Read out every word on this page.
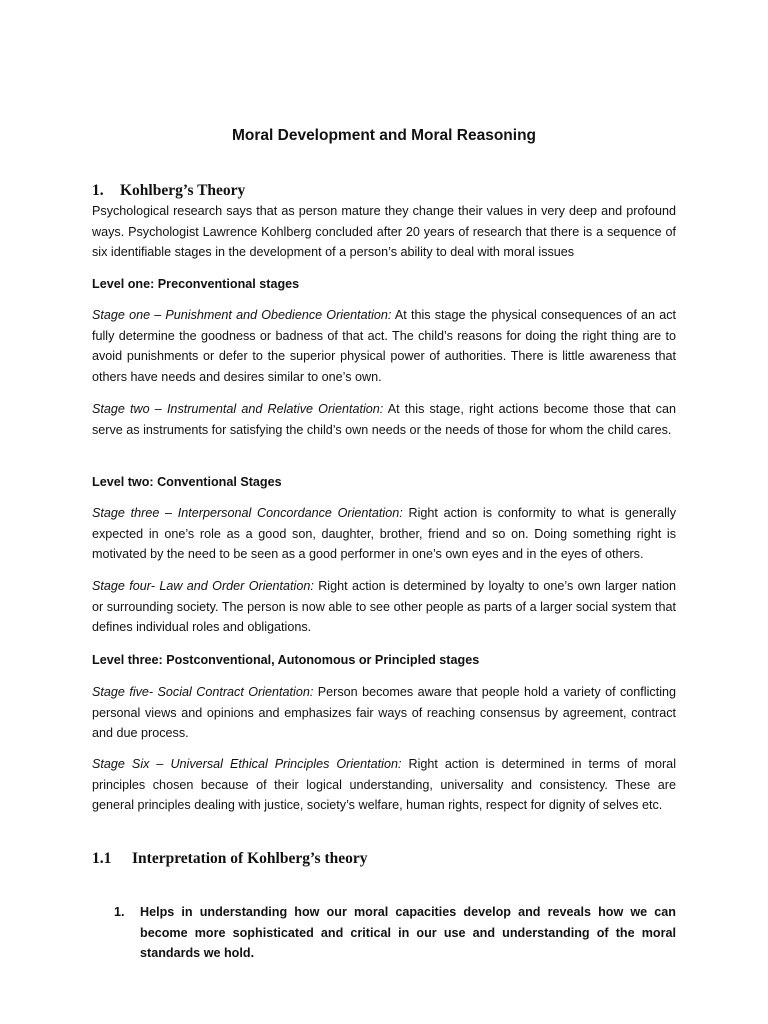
Moral Development and Moral Reasoning
1. Kohlberg’s Theory

Psychological research says that as person mature they change their values in very deep and profound ways. Psychologist Lawrence Kohlberg concluded after 20 years of research that there is a sequence of six identifiable stages in the development of a person’s ability to deal with moral issues

Level one: Preconventional stages

Stage one – Punishment and Obedience Orientation: At this stage the physical consequences of an act fully determine the goodness or badness of that act. The child’s reasons for doing the right thing are to avoid punishments or defer to the superior physical power of authorities. There is little awareness that others have needs and desires similar to one’s own.

Stage two – Instrumental and Relative Orientation: At this stage, right actions become those that can serve as instruments for satisfying the child’s own needs or the needs of those for whom the child cares.

Level two: Conventional Stages

Stage three – Interpersonal Concordance Orientation: Right action is conformity to what is generally expected in one’s role as a good son, daughter, brother, friend and so on. Doing something right is motivated by the need to be seen as a good performer in one’s own eyes and in the eyes of others.

Stage four- Law and Order Orientation: Right action is determined by loyalty to one’s own larger nation or surrounding society. The person is now able to see other people as parts of a larger social system that defines individual roles and obligations.

Level three: Postconventional, Autonomous or Principled stages

Stage five- Social Contract Orientation: Person becomes aware that people hold a variety of conflicting personal views and opinions and emphasizes fair ways of reaching consensus by agreement, contract and due process.

Stage Six – Universal Ethical Principles Orientation: Right action is determined in terms of moral principles chosen because of their logical understanding, universality and consistency. These are general principles dealing with justice, society’s welfare, human rights, respect for dignity of selves etc.

1.1 Interpretation of Kohlberg’s theory
1.	Helps in understanding how our moral capacities develop and reveals how we can become more sophisticated and critical in our use and understanding of the moral standards we hold.
